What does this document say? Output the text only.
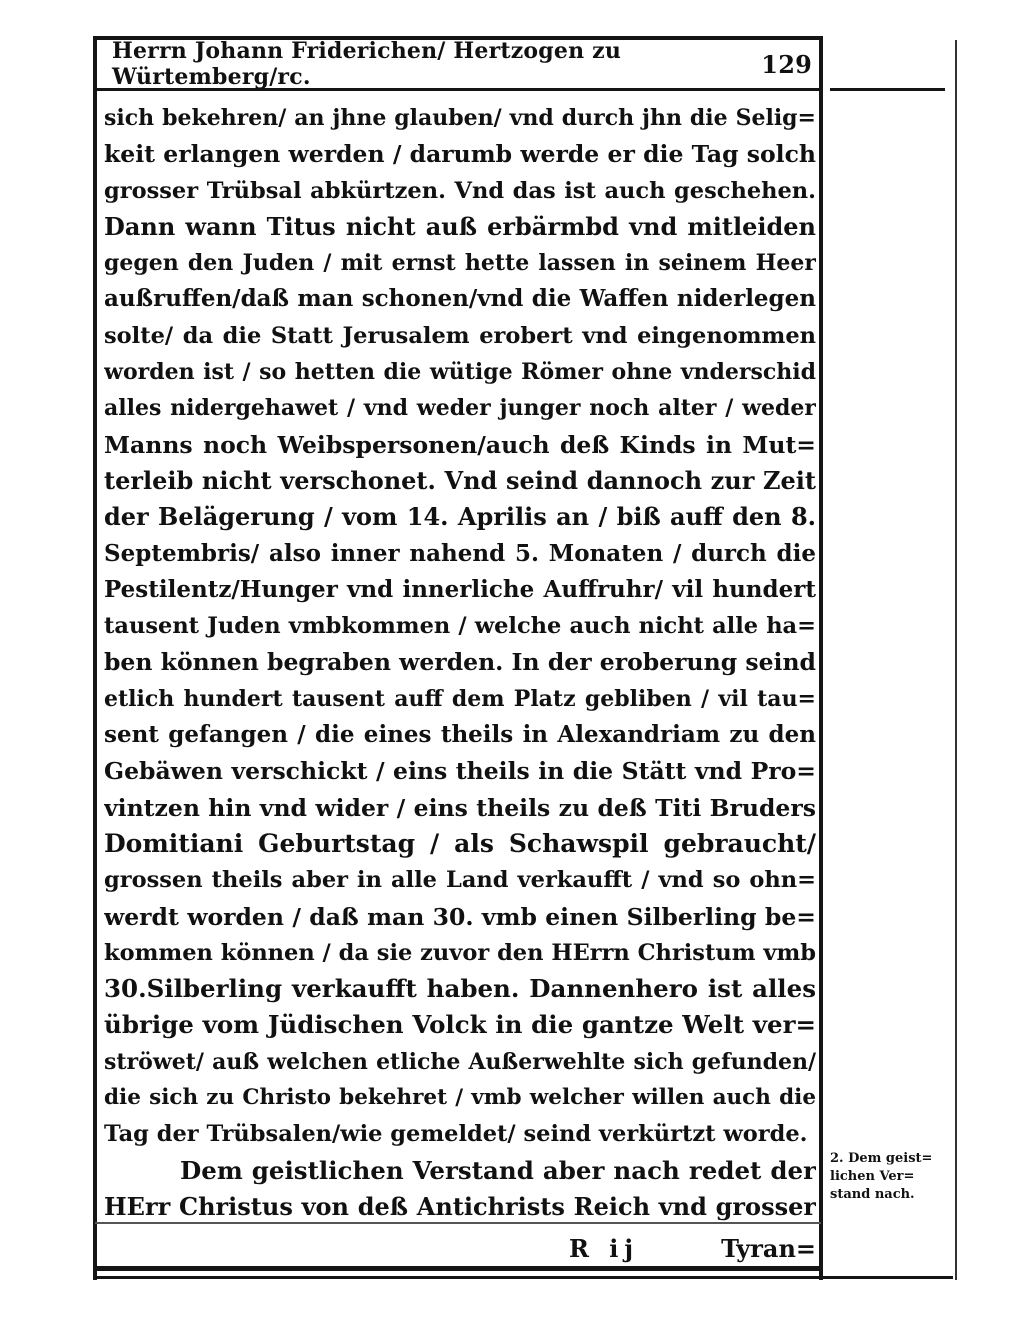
Herrn Johann Friderichen/ Hertzogen zu Würtemberg/rc.	129
sich bekehren/ an jhne glauben/ vnd durch jhn die Selig=
keit erlangen werden / darumb werde er die Tag solch
grosser Trübsal abkürtzen. Vnd das ist auch geschehen.
Dann wann Titus nicht auß erbärmbd vnd mitleiden
gegen den Juden / mit ernst hette lassen in seinem Heer
außruffen/daß man schonen/vnd die Waffen niderlegen
solte/ da die Statt Jerusalem erobert vnd eingenommen
worden ist / so hetten die wütige Römer ohne vnderschid
alles nidergehawet / vnd weder junger noch alter / weder
Manns noch Weibspersonen/auch deß Kinds in Mut=
terleib nicht verschonet. Vnd seind dannoch zur Zeit
der Belägerung / vom 14. Aprilis an / biß auff den 8.
Septembris/ also inner nahend 5. Monaten / durch die
Pestilentz/Hunger vnd innerliche Auffruhr/ vil hundert
tausent Juden vmbkommen / welche auch nicht alle ha=
ben können begraben werden. In der eroberung seind
etlich hundert tausent auff dem Platz gebliben / vil tau=
sent gefangen / die eines theils in Alexandriam zu den
Gebäwen verschickt / eins theils in die Stätt vnd Pro=
vintzen hin vnd wider / eins theils zu deß Titi Bruders
Domitiani Geburtstag / als Schawspil gebraucht/
grossen theils aber in alle Land verkaufft / vnd so ohn=
werdt worden / daß man 30. vmb einen Silberling be=
kommen können / da sie zuvor den HErrn Christum vmb
30.Silberling verkaufft haben. Dannenhero ist alles
übrige vom Jüdischen Volck in die gantze Welt ver=
ströwet/ auß welchen etliche Außerwehlte sich gefunden/
die sich zu Christo bekehret / vmb welcher willen auch die
Tag der Trübsalen/wie gemeldet/ seind verkürtzt worde.
Dem geistlichen Verstand aber nach redet der
HErr Christus von deß Antichrists Reich vnd grosser
2. Dem geist=
lichen Ver=
stand nach.
R ij	Tyran=
